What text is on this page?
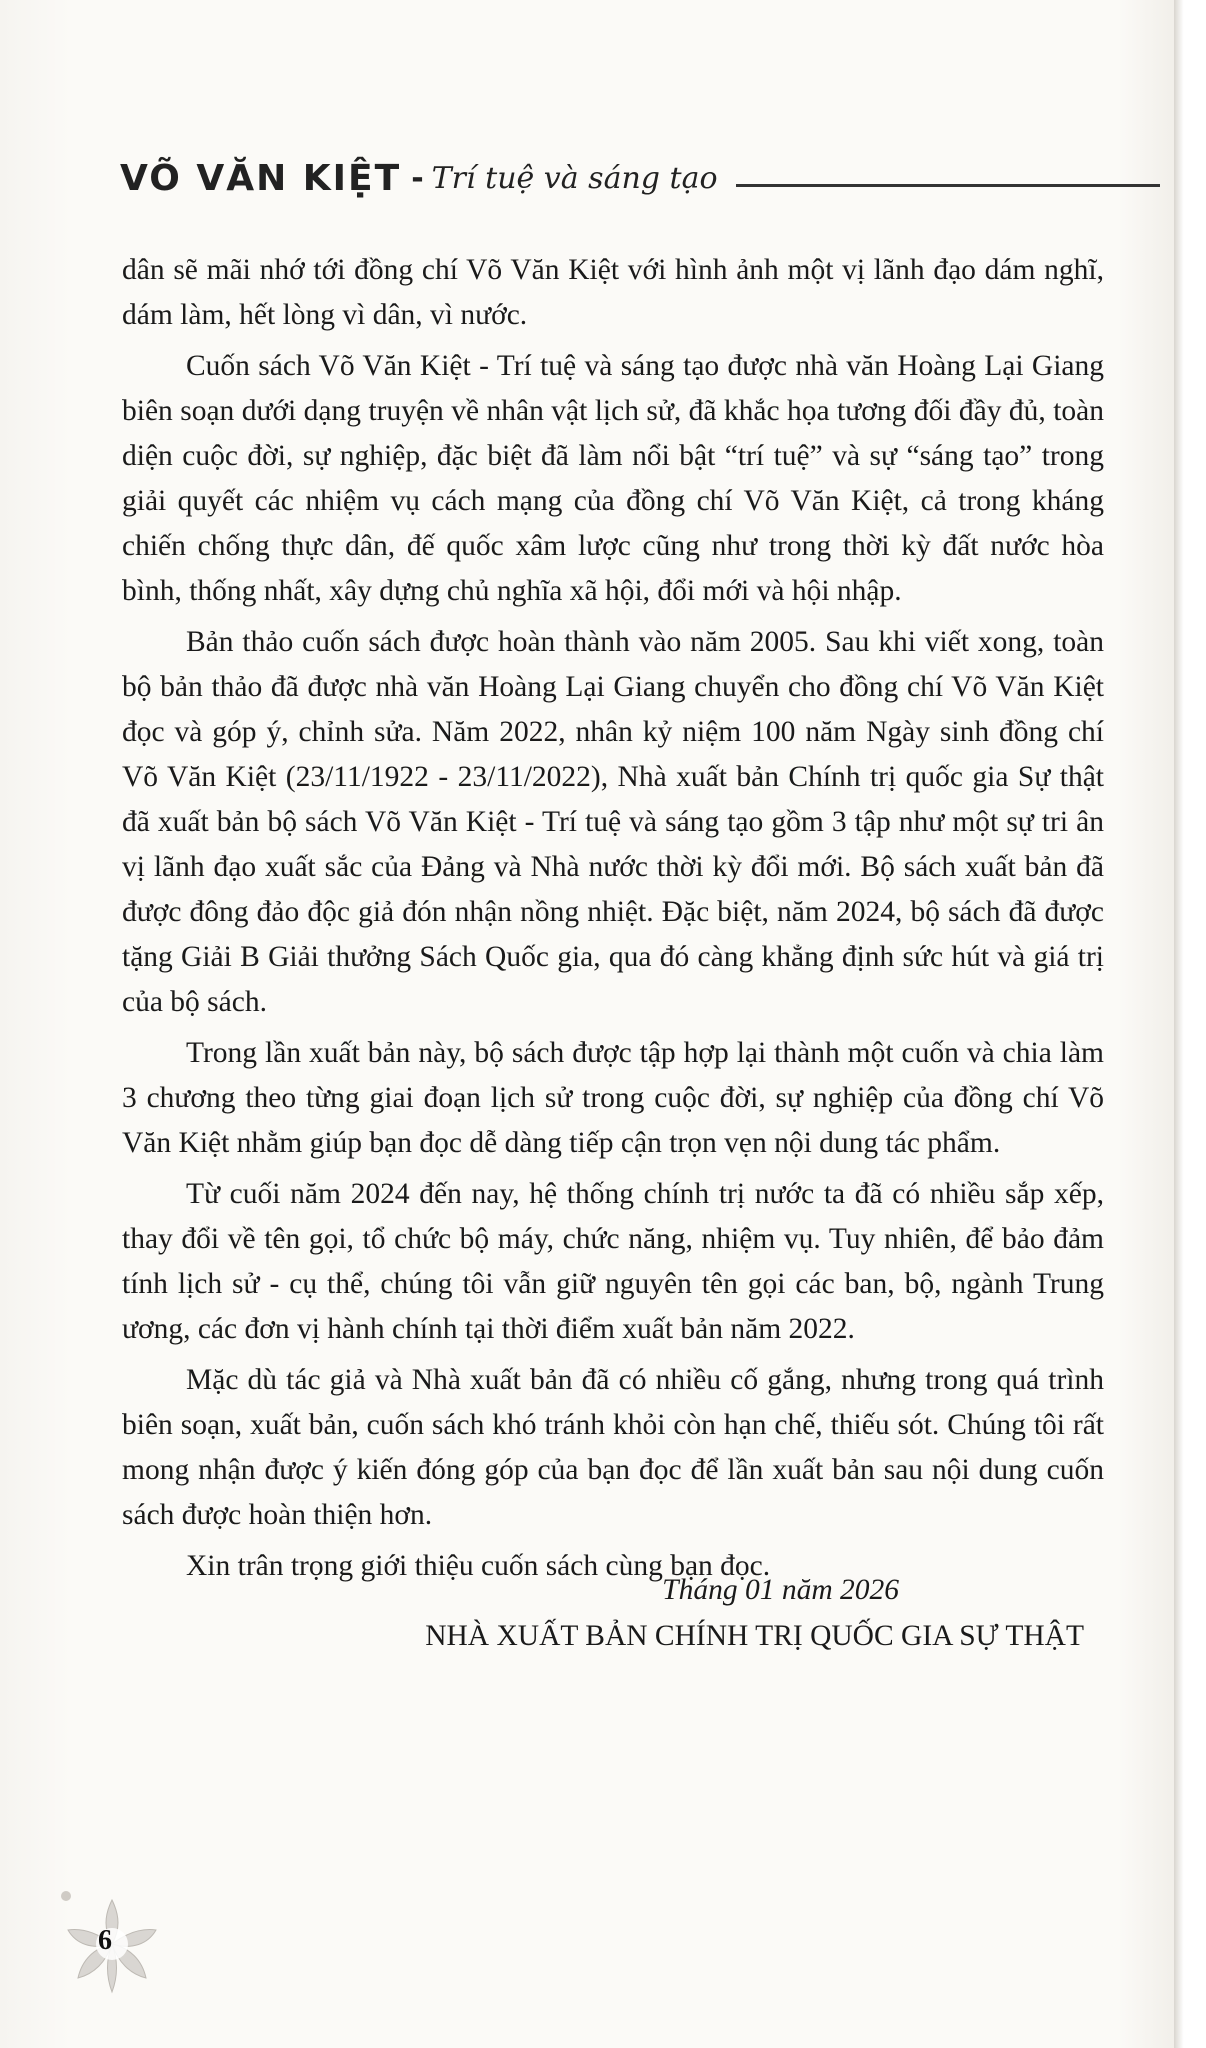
VÕ VĂN KIỆT - Trí tuệ và sáng tạo

dân sẽ mãi nhớ tới đồng chí Võ Văn Kiệt với hình ảnh một vị lãnh đạo dám nghĩ, dám làm, hết lòng vì dân, vì nước.

Cuốn sách Võ Văn Kiệt - Trí tuệ và sáng tạo được nhà văn Hoàng Lại Giang biên soạn dưới dạng truyện về nhân vật lịch sử, đã khắc họa tương đối đầy đủ, toàn diện cuộc đời, sự nghiệp, đặc biệt đã làm nổi bật “trí tuệ” và sự “sáng tạo” trong giải quyết các nhiệm vụ cách mạng của đồng chí Võ Văn Kiệt, cả trong kháng chiến chống thực dân, đế quốc xâm lược cũng như trong thời kỳ đất nước hòa bình, thống nhất, xây dựng chủ nghĩa xã hội, đổi mới và hội nhập.

Bản thảo cuốn sách được hoàn thành vào năm 2005. Sau khi viết xong, toàn bộ bản thảo đã được nhà văn Hoàng Lại Giang chuyển cho đồng chí Võ Văn Kiệt đọc và góp ý, chỉnh sửa. Năm 2022, nhân kỷ niệm 100 năm Ngày sinh đồng chí Võ Văn Kiệt (23/11/1922 - 23/11/2022), Nhà xuất bản Chính trị quốc gia Sự thật đã xuất bản bộ sách Võ Văn Kiệt - Trí tuệ và sáng tạo gồm 3 tập như một sự tri ân vị lãnh đạo xuất sắc của Đảng và Nhà nước thời kỳ đổi mới. Bộ sách xuất bản đã được đông đảo độc giả đón nhận nồng nhiệt. Đặc biệt, năm 2024, bộ sách đã được tặng Giải B Giải thưởng Sách Quốc gia, qua đó càng khẳng định sức hút và giá trị của bộ sách.

Trong lần xuất bản này, bộ sách được tập hợp lại thành một cuốn và chia làm 3 chương theo từng giai đoạn lịch sử trong cuộc đời, sự nghiệp của đồng chí Võ Văn Kiệt nhằm giúp bạn đọc dễ dàng tiếp cận trọn vẹn nội dung tác phẩm.

Từ cuối năm 2024 đến nay, hệ thống chính trị nước ta đã có nhiều sắp xếp, thay đổi về tên gọi, tổ chức bộ máy, chức năng, nhiệm vụ. Tuy nhiên, để bảo đảm tính lịch sử - cụ thể, chúng tôi vẫn giữ nguyên tên gọi các ban, bộ, ngành Trung ương, các đơn vị hành chính tại thời điểm xuất bản năm 2022.

Mặc dù tác giả và Nhà xuất bản đã có nhiều cố gắng, nhưng trong quá trình biên soạn, xuất bản, cuốn sách khó tránh khỏi còn hạn chế, thiếu sót. Chúng tôi rất mong nhận được ý kiến đóng góp của bạn đọc để lần xuất bản sau nội dung cuốn sách được hoàn thiện hơn.

Xin trân trọng giới thiệu cuốn sách cùng bạn đọc.

Tháng 01 năm 2026
NHÀ XUẤT BẢN CHÍNH TRỊ QUỐC GIA SỰ THẬT
6
